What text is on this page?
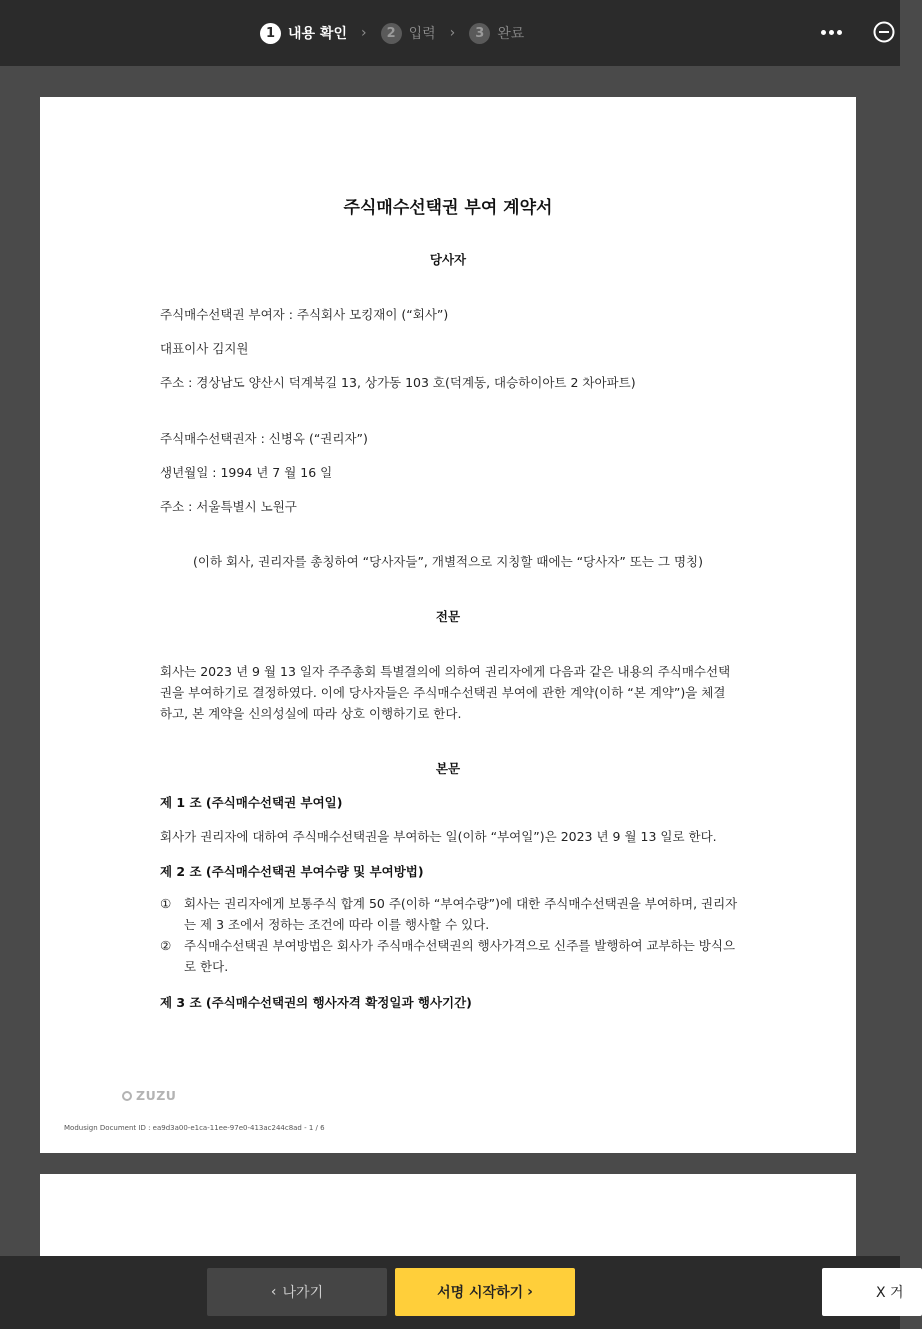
1 내용 확인 ›	2 입력 ›	3 완료
주식매수선택권 부여 계약서
당사자
주식매수선택권 부여자 : 주식회사 모킹재이 (“회사”)
대표이사 김지원
주소 : 경상남도 양산시 덕계북길 13, 상가동 103 호(덕계동, 대승하이아트 2 차아파트)
주식매수선택권자 : 신병옥 (“권리자”)
생년월일 : 1994 년 7 월 16 일
주소 : 서울특별시 노원구
(이하 회사, 권리자를 총칭하여 “당사자들”, 개별적으로 지칭할 때에는 “당사자” 또는 그 명칭)
전문
회사는 2023 년 9 월 13 일자 주주총회 특별결의에 의하여 권리자에게 다음과 같은 내용의 주식매수선택
권을 부여하기로 결정하였다. 이에 당사자들은 주식매수선택권 부여에 관한 계약(이하 “본 계약”)을 체결
하고, 본 계약을 신의성실에 따라 상호 이행하기로 한다.
본문
제 1 조 (주식매수선택권 부여일)
회사가 권리자에 대하여 주식매수선택권을 부여하는 일(이하 “부여일”)은 2023 년 9 월 13 일로 한다.
제 2 조 (주식매수선택권 부여수량 및 부여방법)
①	회사는 권리자에게 보통주식 합계 50 주(이하 “부여수량”)에 대한 주식매수선택권을 부여하며, 권리자는 제 3 조에서 정하는 조건에 따라 이를 행사할 수 있다.
②	주식매수선택권 부여방법은 회사가 주식매수선택권의 행사가격으로 신주를 발행하여 교부하는 방식으로 한다.
제 3 조 (주식매수선택권의 행사자격 확정일과 행사기간)
ZUZU
Modusign Document ID : ea9d3a00-e1ca-11ee-97e0-413ac244c8ad - 1 / 6
‹ 나가기	서명 시작하기 ›	X 거
